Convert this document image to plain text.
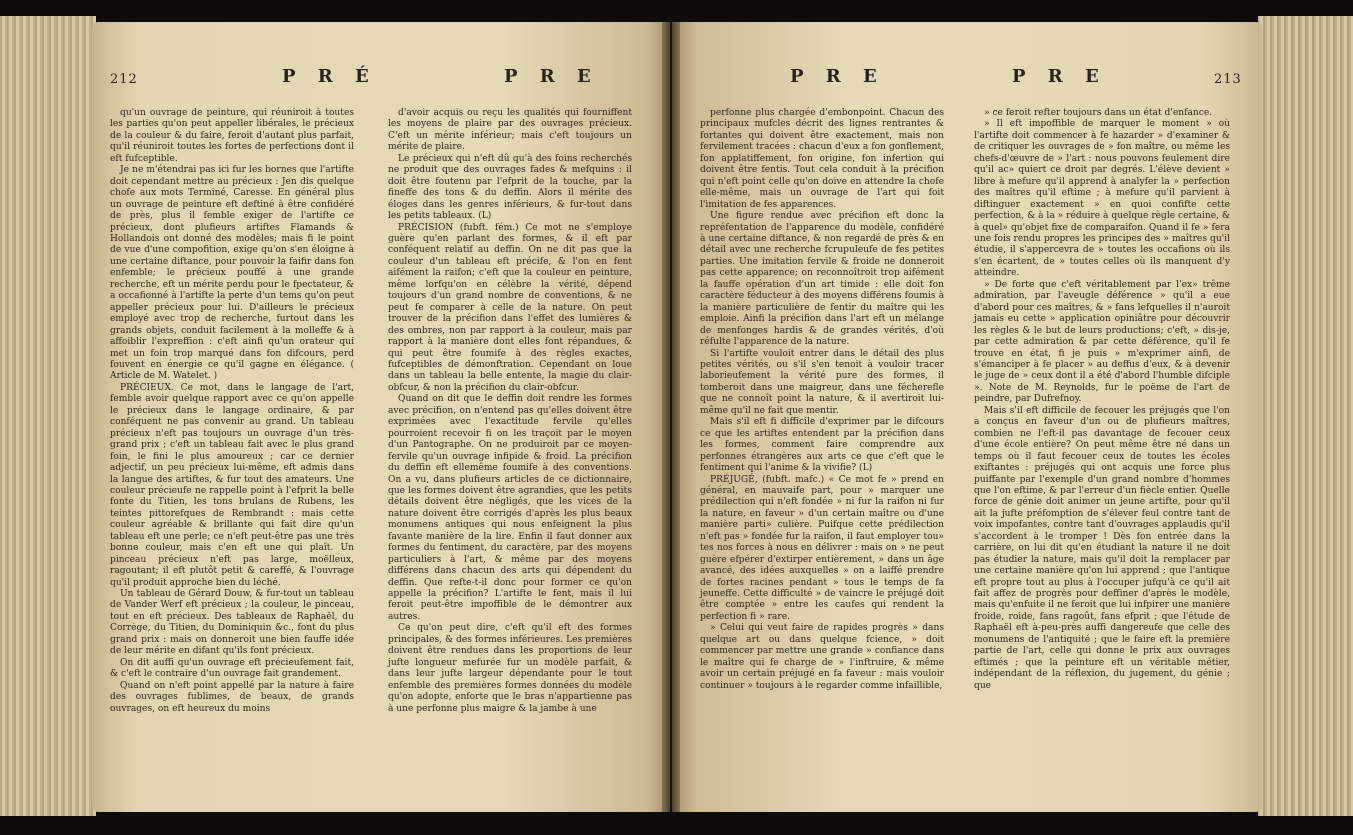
212	P R É	P R E

qu'un ouvrage de peinture, qui réuniroit à toutes les parties qu'on peut appeller libérales, le précieux de la couleur & du faire, feroit d'autant plus parfait, qu'il réuniroit toutes les fortes de perfections dont il eft fufceptible.

Je ne m'étendrai pas ici fur les bornes que l'artifte doit cependant mettre au précieux : Jen dis quelque chofe aux mots Terminé, Caresse. En général plus un ouvrage de peinture eft deftiné à être confidéré de près, plus il femble exiger de l'artifte ce précieux, dont plufieurs artiftes Flamands & Hollandois ont donné des modèles; mais fi le point de vue d'une compofition, exige qu'on s'en éloigne à une certaine diftance, pour pouvoir la faifir dans fon enfemble; le précieux pouffé à une grande recherche, eft un mérite perdu pour le fpectateur, & a occafionné à l'artifte la perte d'un tems qu'on peut appeller précieux pour lui. D'ailleurs le précieux employé avec trop de recherche, furtout dans les grands objets, conduit facilement à la molleffe & à affoiblir l'expreffion : c'eft ainfi qu'un orateur qui met un foin trop marqué dans fon difcours, perd fouvent en énergie ce qu'il gagne en élégance. ( Article de M. Watelet. )

PRÉCIEUX. Ce mot, dans le langage de l'art, femble avoir quelque rapport avec ce qu'on appelle le précieux dans le langage ordinaire, & par conféquent ne pas convenir au grand. Un tableau précieux n'eft pas toujours un ouvrage d'un très-grand prix ; c'eft un tableau fait avec le plus grand foin, le fini le plus amoureux ; car ce dernier adjectif, un peu précieux lui-même, eft admis dans la langue des artiftes, & fur tout des amateurs. Une couleur précieufe ne rappelle point à l'efprit la belle fonte du Titien, les tons brulans de Rubens, les teintes pittorefques de Rembrandt : mais cette couleur agréable & brillante qui fait dire qu'un tableau eft une perle; ce n'eft peut-être pas une très bonne couleur, mais c'en eft une qui plaît. Un pinceau précieux n'eft pas large, moëlleux, ragoutant; il eft plutôt petit & careffé, & l'ouvrage qu'il produit approche bien du léché.

Un tableau de Gérard Douw, & fur-tout un tableau de Vander Werf eft précieux ; la couleur, le pinceau, tout en eft précieux. Des tableaux de Raphaël, du Corrège, du Titien, du Dominiquin &c., font du plus grand prix : mais on donneroit une bien fauffe idée de leur mérite en difant qu'ils font précieux.

On dit auffi qu'un ouvrage eft précieufement fait, & c'eft le contraire d'un ouvrage fait grandement.

Quand on n'eft point appellé par la nature à faire des ouvrages fublimes, de beaux, de grands ouvrages, on eft heureux du moins

d'avoir acquis ou reçu les qualités qui fourniffent les moyens de plaire par des ouvrages précieux. C'eft un mérite inférieur; mais c'eft toujours un mérite de plaire.

Le précieux qui n'eft dû qu'à des foins recherchés ne produit que des ouvrages fades & mefquins : il doit être foutenu par l'efprit de la touche, par la fineffe des tons & du deffin. Alors il mérite des éloges dans les genres inférieurs, & fur-tout dans les petits tableaux. (L)

PRÉCISION (fubft. fém.) Ce mot ne s'employe guère qu'en parlant des formes, & il eft par conféquent relatif au deffin. On ne dit pas que la couleur d'un tableau eft précife, & l'on en fent aifément la raifon; c'eft que la couleur en peinture, même lorfqu'on en célèbre la vérité, dépend toujours d'un grand nombre de conventions, & ne peut fe comparer à celle de la nature. On peut trouver de la précifion dans l'effet des lumières & des ombres, non par rapport à la couleur, mais par rapport à la manière dont elles font répandues, & qui peut être foumife à des règles exactes, fufceptibles de démonftration. Cependant on loue dans un tableau la belle entente, la magie du clair-obfcur, & non la précifion du clair-obfcur.

Quand on dit que le deffin doit rendre les formes avec précifion, on n'entend pas qu'elles doivent être exprimées avec l'exactitude fervile qu'elles pourroient recevoir fi on les traçoit par le moyen d'un Pantographe. On ne produiroit par ce moyen-fervile qu'un ouvrage infipide & froid. La précifion du deffin eft ellemême foumife à des conventions. On a vu, dans plufieurs articles de ce dictionnaire, que les formes doivent être agrandies, que les petits détails doivent être négligés, que les vices de la nature doivent être corrigés d'après les plus beaux monumens antiques qui nous enfeignent la plus favante manière de la lire. Enfin il faut donner aux formes du fentiment, du caractère, par des moyens particuliers à l'art, & même par des moyens différens dans chacun des arts qui dépendent du deffin. Que refte-t-il donc pour former ce qu'on appelle la précifion? L'artifte le fent, mais il lui feroit peut-être impoffible de le démontrer aux autres.

Ce qu'on peut dire, c'eft qu'il eft des formes principales, & des formes inférieures. Les premières doivent être rendues dans les proportions de leur jufte longueur mefurée fur un modèle parfait, & dans leur jufte largeur dépendante pour le tout enfemble des premières formes données du modèle qu'on adopte, enforte que le bras n'appartienne pas à une perfonne plus maigre & la jambe à une

P R E	P R E	213

perfonne plus chargée d'embonpoint. Chacun des principaux mufcles décrit des lignes rentrantes & fortantes qui doivent être exactement, mais non fervilement tracées : chacun d'eux a fon gonflement, fon applatiffement, fon origine, fon infertion qui doivent être fentis. Tout cela conduit à la précifion qui n'eft point celle qu'on doive en attendre la chofe elle-même, mais un ouvrage de l'art qui foit l'imitation de fes apparences.

Une figure rendue avec précifion eft donc la repréfentation de l'apparence du modèle, confidéré à une certaine diftance, & non regardé de près & en détail avec une recherche fcrupuleufe de fes petites parties. Une imitation fervile & froide ne donneroit pas cette apparence; on reconnoîtroit trop aifément la fauffe opération d'un art timide : elle doit fon caractère féducteur à des moyens différens foumis à la manière particulière de fentir du maître qui les emploie. Ainfi la précifion dans l'art eft un mélange de menfonges hardis & de grandes vérités, d'où réfulte l'apparence de la nature.

Si l'artifte vouloit entrer dans le détail des plus petites vérités, ou s'il s'en tenoit à vouloir tracer laborieufement la vérité pure des formes, il tomberoit dans une maigreur, dans une fécherefle que ne connoît point la nature, & il avertiroit lui-même qu'il ne fait que mentir.

Mais s'il eft fi difficile d'exprimer par le difcours ce que les artiftes entendent par la précifion dans les formes, comment faire comprendre aux perfonnes étrangères aux arts ce que c'eft que le fentiment qui l'anime & la vivifie? (L)

PRÉJUGÉ, (fubft. mafc.) « Ce mot fe » prend en général, en mauvaife part, pour » marquer une prédilection qui n'eft fondée » ni fur la raifon ni fur la nature, en faveur » d'un certain maître ou d'une manière parti» culière. Puifque cette prédilection n'eft pas » fondée fur la raifon, il faut employer tou» tes nos forces à nous en délivrer : mais on » ne peut guère efpérer d'extirper entièrement, » dans un âge avancé, des idées auxquelles » on a laiffé prendre de fortes racines pendant » tous le temps de fa jeuneffe. Cette difficulté » de vaincre le préjugé doit être comptée » entre les caufes qui rendent la perfection fi » rare.

» Celui qui veut faire de rapides progrès » dans quelque art ou dans quelque fcience, » doit commencer par mettre une grande » confiance dans le maître qui fe charge de » l'inftruire, & même avoir un certain préjugé en fa faveur : mais vouloir continuer » toujours à le regarder comme infaillible,

» ce feroit refter toujours dans un état d'enfance.

» Il eft impoffible de marquer le moment » où l'artifte doit commencer à fe hazarder » d'examiner & de critiquer les ouvrages de » fon maître, ou même les chefs-d'œuvre de » l'art : nous pouvons feulement dire qu'il ac» quiert ce droit par degrés. L'élève devient » libre à mefure qu'il apprend à analyfer la » perfection des maîtres qu'il eftime ; à mefure qu'il parvient à diftinguer exactement » en quoi confifte cette perfection, & à la » réduire à quelque règle certaine, & à quel» qu'objet fixe de comparaifon. Quand il fe » fera une fois rendu propres les principes des » maîtres qu'il étudie, il s'appercevra de » toutes les occafions où ils s'en écartent, de » toutes celles où ils manquent d'y atteindre.

» De forte que c'eft véritablement par l'ex» trême admiration, par l'aveugle déférence » qu'il a eue d'abord pour ces maîtres, & » fans lefquelles il n'auroit jamais eu cette » application opiniâtre pour découvrir les règles & le but de leurs productions; c'eft, » dis-je, par cette admiration & par cette déférence, qu'il fe trouve en état, fi je puis » m'exprimer ainfi, de s'émanciper à fe placer » au deffus d'eux, & à devenir le juge de » ceux dont il a été d'abord l'humble difciple ». Note de M. Reynolds, fur le poëme de l'art de peindre, par Dufrefnoy.

Mais s'il eft difficile de fecouer les préjugés que l'on a conçus en faveur d'un ou de plufieurs maîtres, combien ne l'eft-il pas davantage de fecouer ceux d'une école entière? On peut même être né dans un temps où il faut fecouer ceux de toutes les écoles exiftantes : préjugés qui ont acquis une force plus puiffante par l'exemple d'un grand nombre d'hommes que l'on eftime, & par l'erreur d'un fiècle entier. Quelle force de génie doit animer un jeune artifte, pour qu'il ait la jufte préfomption de s'élever feul contre tant de voix impofantes, contre tant d'ouvrages applaudis qu'il s'accordent à le tromper ! Dès fon entrée dans la carrière, on lui dit qu'en étudiant la nature il ne doit pas étudier la nature, mais qu'il doit la remplacer par une certaine manière qu'on lui apprend ; que l'antique eft propre tout au plus à l'occuper jufqu'à ce qu'il ait fait affez de progrès pour deffiner d'après le modèle, mais qu'enfuite il ne feroit que lui infpirer une manière froide, roide, fans ragoût, fans efprit ; que l'étude de Raphaël eft à-peu-près auffi dangereufe que celle des monumens de l'antiquité ; que le faire eft la première partie de l'art, celle qui donne le prix aux ouvrages eftimés ; que la peinture eft un véritable métier, indépendant de la réflexion, du jugement, du génie ; que
